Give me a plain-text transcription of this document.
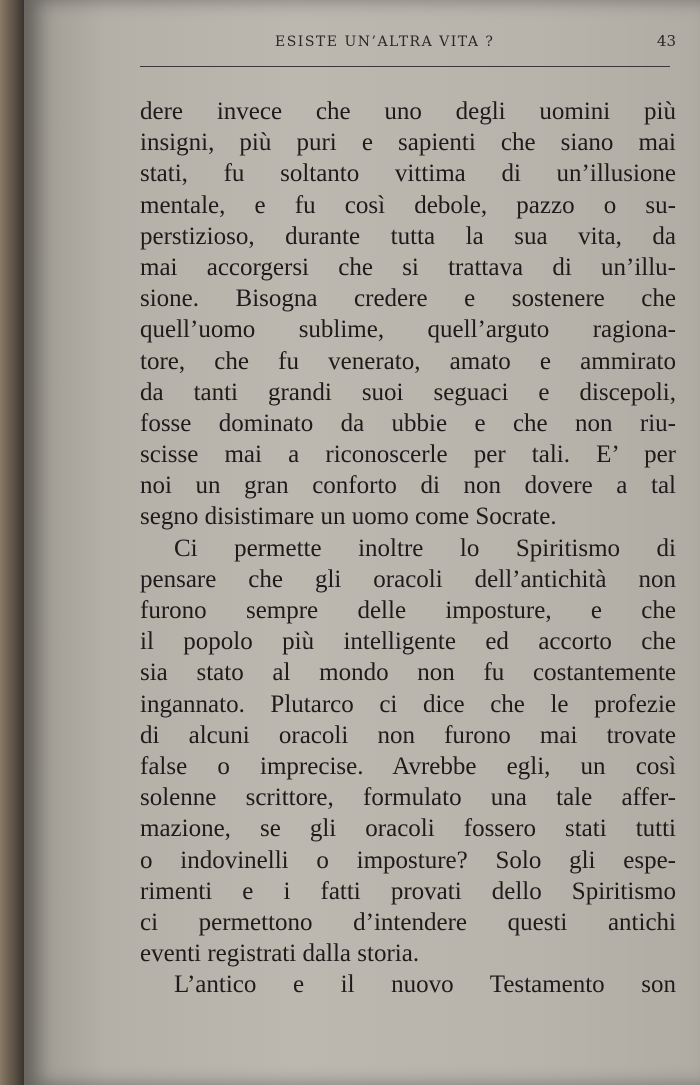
ESISTE UN’ALTRA VITA ?	43
dere invece che uno degli uomini più
insigni, più puri e sapienti che siano mai
stati, fu soltanto vittima di un’illusione
mentale, e fu così debole, pazzo o su-
perstizioso, durante tutta la sua vita, da
mai accorgersi che si trattava di un’illu-
sione. Bisogna credere e sostenere che
quell’uomo sublime, quell’arguto ragiona-
tore, che fu venerato, amato e ammirato
da tanti grandi suoi seguaci e discepoli,
fosse dominato da ubbie e che non riu-
scisse mai a riconoscerle per tali. E’ per
noi un gran conforto di non dovere a tal
segno disistimare un uomo come Socrate.
Ci permette inoltre lo Spiritismo di
pensare che gli oracoli dell’antichità non
furono sempre delle imposture, e che
il popolo più intelligente ed accorto che
sia stato al mondo non fu costantemente
ingannato. Plutarco ci dice che le profezie
di alcuni oracoli non furono mai trovate
false o imprecise. Avrebbe egli, un così
solenne scrittore, formulato una tale affer-
mazione, se gli oracoli fossero stati tutti
o indovinelli o imposture? Solo gli espe-
rimenti e i fatti provati dello Spiritismo
ci permettono d’intendere questi antichi
eventi registrati dalla storia.
L’antico e il nuovo Testamento son
